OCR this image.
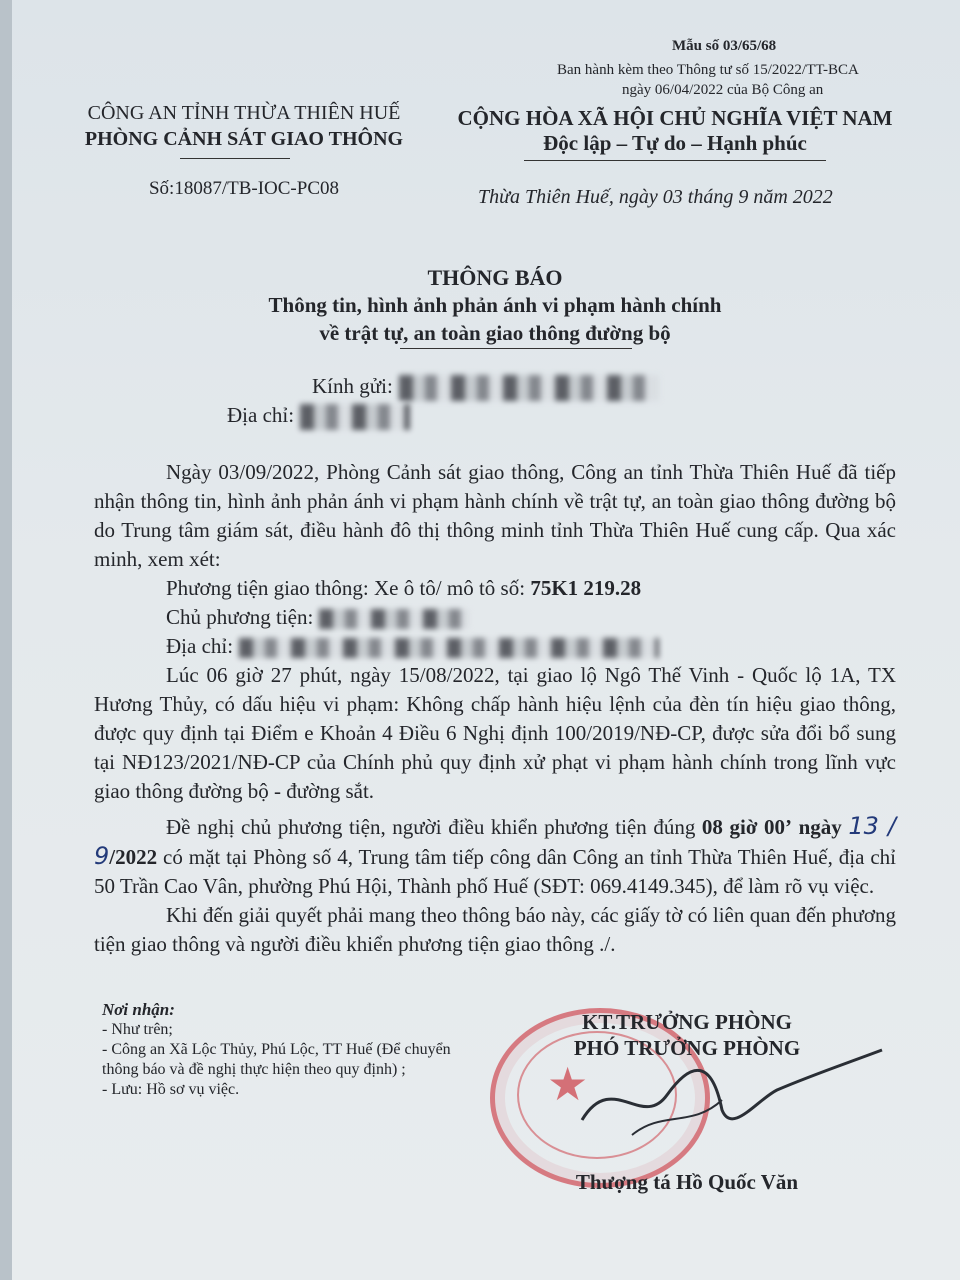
Mẫu số 03/65/68
Ban hành kèm theo Thông tư số 15/2022/TT-BCA
ngày 06/04/2022 của Bộ Công an
CÔNG AN TỈNH THỪA THIÊN HUẾ
PHÒNG CẢNH SÁT GIAO THÔNG
Số:18087/TB-IOC-PC08
CỘNG HÒA XÃ HỘI CHỦ NGHĨA VIỆT NAM
Độc lập – Tự do – Hạnh phúc
Thừa Thiên Huế, ngày 03 tháng 9 năm 2022
THÔNG BÁO
Thông tin, hình ảnh phản ánh vi phạm hành chính
về trật tự, an toàn giao thông đường bộ
Kính gửi:
Địa chỉ:

Ngày 03/09/2022, Phòng Cảnh sát giao thông, Công an tỉnh Thừa Thiên Huế đã tiếp nhận thông tin, hình ảnh phản ánh vi phạm hành chính về trật tự, an toàn giao thông đường bộ do Trung tâm giám sát, điều hành đô thị thông minh tỉnh Thừa Thiên Huế cung cấp. Qua xác minh, xem xét:

Phương tiện giao thông: Xe ô tô/ mô tô số: 75K1 219.28

Chủ phương tiện:

Địa chỉ:

Lúc 06 giờ 27 phút, ngày 15/08/2022, tại giao lộ Ngô Thế Vinh - Quốc lộ 1A, TX Hương Thủy, có dấu hiệu vi phạm: Không chấp hành hiệu lệnh của đèn tín hiệu giao thông, được quy định tại Điểm e Khoản 4 Điều 6 Nghị định 100/2019/NĐ-CP, được sửa đổi bổ sung tại NĐ123/2021/NĐ-CP của Chính phủ quy định xử phạt vi phạm hành chính trong lĩnh vực giao thông đường bộ - đường sắt.

Đề nghị chủ phương tiện, người điều khiển phương tiện đúng 08 giờ 00’ ngày 13 / 9/2022 có mặt tại Phòng số 4, Trung tâm tiếp công dân Công an tỉnh Thừa Thiên Huế, địa chỉ 50 Trần Cao Vân, phường Phú Hội, Thành phố Huế (SĐT: 069.4149.345), để làm rõ vụ việc.

Khi đến giải quyết phải mang theo thông báo này, các giấy tờ có liên quan đến phương tiện giao thông và người điều khiển phương tiện giao thông ./.

Nơi nhận:
- Như trên;
- Công an Xã Lộc Thủy, Phú Lộc, TT Huế (Để chuyển thông báo và đề nghị thực hiện theo quy định) ;
- Lưu: Hồ sơ vụ việc.	★
KT.TRƯỞNG PHÒNG
PHÓ TRƯỞNG PHÒNG
Thượng tá Hồ Quốc Văn
